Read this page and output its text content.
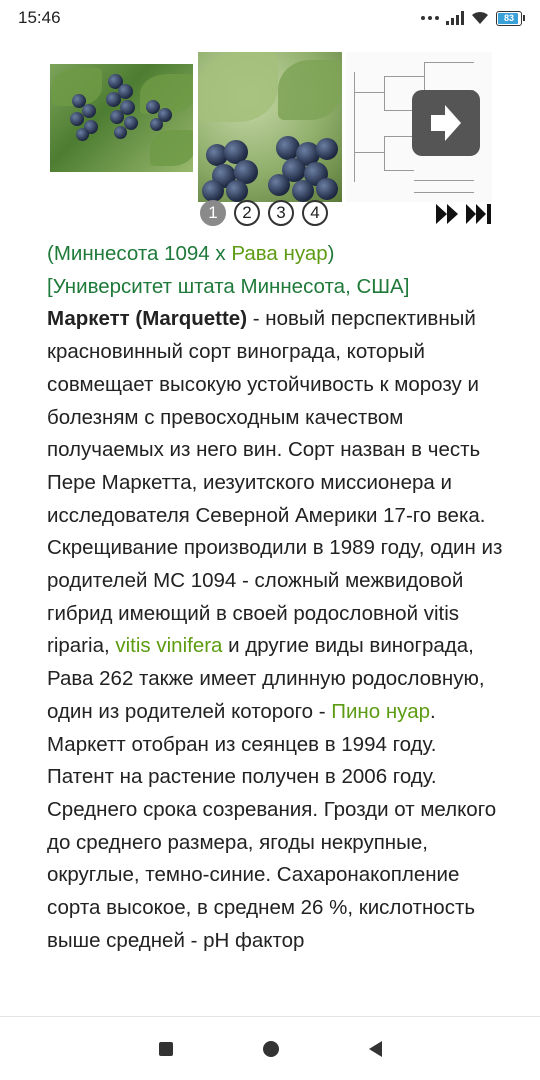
15:46	83
1	2	3	4
(Миннесота 1094 х Рава нуар)
[Университет штата Миннесота, США]
Маркетт (Marquette) - новый перспективный красновинный сорт винограда, который совмещает высокую устойчивость к морозу и болезням с превосходным качеством получаемых из него вин. Сорт назван в честь Пере Маркетта, иезуитского миссионера и исследователя Северной Америки 17-го века. Скрещивание производили в 1989 году, один из родителей МС 1094 - сложный межвидовой гибрид имеющий в своей родословной vitis riparia, vitis vinifera и другие виды винограда, Рава 262 также имеет длинную родословную, один из родителей которого - Пино нуар. Маркетт отобран из сеянцев в 1994 году. Патент на растение получен в 2006 году. Среднего срока созревания. Грозди от мелкого до среднего размера, ягоды некрупные, округлые, темно-синие. Сахаронакопление сорта высокое, в среднем 26 %, кислотность выше средней - pH фактор
